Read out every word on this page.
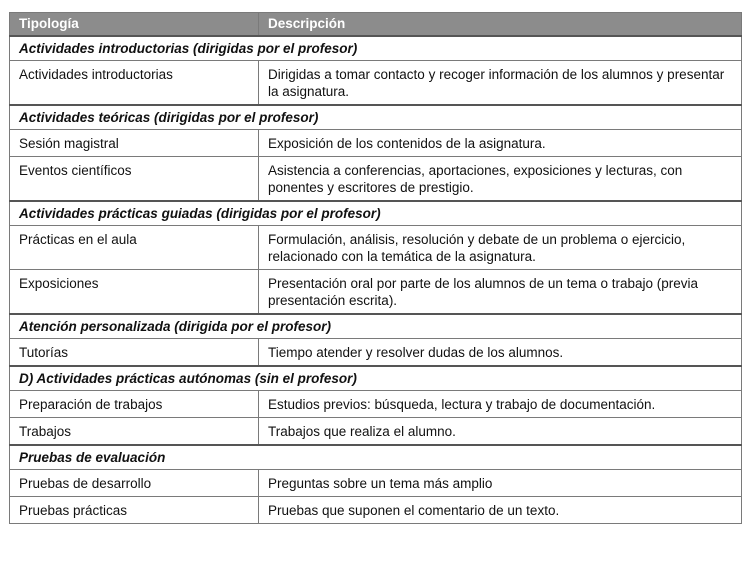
Tipología	Descripción
Actividades introductorias (dirigidas por el profesor)	
Actividades introductorias	Dirigidas a tomar contacto y recoger información de los alumnos y presentar la asignatura.
Actividades teóricas (dirigidas por el profesor)	
Sesión magistral	Exposición de los contenidos de la asignatura.
Eventos científicos	Asistencia a conferencias, aportaciones, exposiciones y lecturas, con ponentes y escritores de prestigio.
Actividades prácticas guiadas (dirigidas por el profesor)	
Prácticas en el aula	Formulación, análisis, resolución y debate de un problema o ejercicio, relacionado con la temática de la asignatura.
Exposiciones	Presentación oral por parte de los alumnos de un tema o trabajo (previa presentación escrita).
Atención personalizada (dirigida por el profesor)	
Tutorías	Tiempo atender y resolver dudas de los alumnos.
D) Actividades prácticas autónomas (sin el profesor)	
Preparación de trabajos	Estudios previos: búsqueda, lectura y trabajo de documentación.
Trabajos	Trabajos que realiza el alumno.
Pruebas de evaluación	
Pruebas de desarrollo	Preguntas sobre un tema más amplio
Pruebas prácticas	Pruebas que suponen el comentario de un texto.
